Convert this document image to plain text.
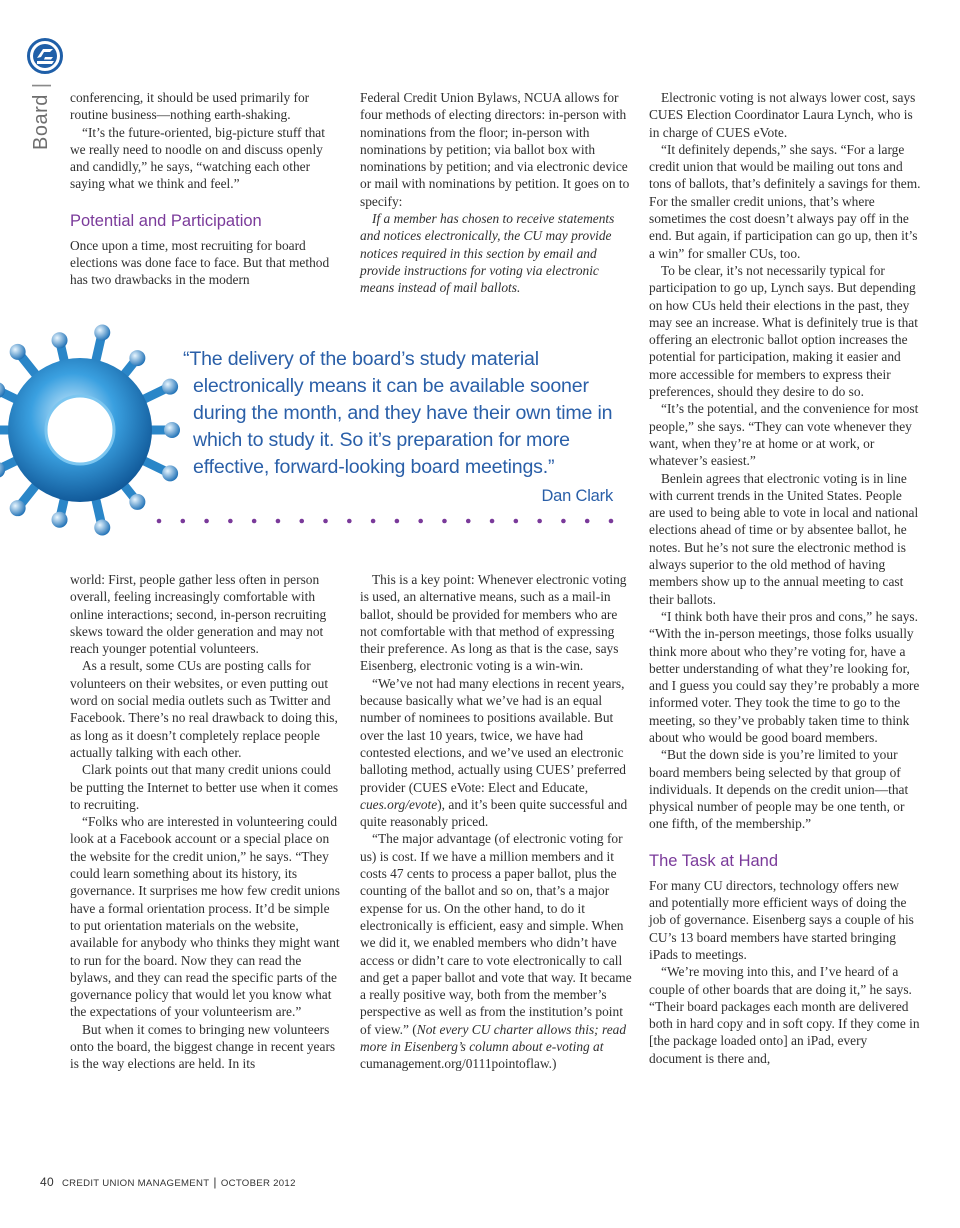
Board|

conferencing, it should be used primarily for routine business—nothing earth-shaking.

“It’s the future-oriented, big-picture stuff that we really need to noodle on and discuss openly and candidly,” he says, “watching each other saying what we think and feel.”

Potential and Participation

Once upon a time, most recruiting for board elections was done face to face. But that method has two drawbacks in the modern

Federal Credit Union Bylaws, NCUA allows for four methods of electing directors: in-person with nominations from the floor; in-person with nominations by petition; via ballot box with nominations by petition; and via electronic device or mail with nominations by petition. It goes on to specify:

If a member has chosen to receive statements and notices electronically, the CU may provide notices required in this section by email and provide instructions for voting via electronic means instead of mail ballots.

Electronic voting is not always lower cost, says CUES Election Coordinator Laura Lynch, who is in charge of CUES eVote.

“It definitely depends,” she says. “For a large credit union that would be mailing out tons and tons of ballots, that’s definitely a savings for them. For the smaller credit unions, that’s where sometimes the cost doesn’t always pay off in the end. But again, if participation can go up, then it’s a win” for smaller CUs, too.

To be clear, it’s not necessarily typical for participation to go up, Lynch says. But depending on how CUs held their elections in the past, they may see an increase. What is definitely true is that offering an electronic ballot option increases the potential for participation, making it easier and more accessible for members to express their preferences, should they desire to do so.

“It’s the potential, and the convenience for most people,” she says. “They can vote whenever they want, when they’re at home or at work, or whatever’s easiest.”

Benlein agrees that electronic voting is in line with current trends in the United States. People are used to being able to vote in local and national elections ahead of time or by absentee ballot, he notes. But he’s not sure the electronic method is always superior to the old method of having members show up to the annual meeting to cast their ballots.

“I think both have their pros and cons,” he says. “With the in-person meetings, those folks usually think more about who they’re voting for, have a better understanding of what they’re looking for, and I guess you could say they’re probably a more informed voter. They took the time to go to the meeting, so they’ve probably taken time to think about who would be good board members.

“But the down side is you’re limited to your board members being selected by that group of individuals. It depends on the credit union—that physical number of people may be one tenth, or one fifth, of the membership.”

The Task at Hand

For many CU directors, technology offers new and potentially more efficient ways of doing the job of governance. Eisenberg says a couple of his CU’s 13 board members have started bringing iPads to meetings.

“We’re moving into this, and I’ve heard of a couple of other boards that are doing it,” he says. “Their board packages each month are delivered both in hard copy and in soft copy. If they come in [the package loaded onto] an iPad, every document is there and,

“The delivery of the board’s study material electronically means it can be available sooner during the month, and they have their own time in which to study it. So it’s preparation for more effective, forward-looking board meetings.”
Dan Clark

world: First, people gather less often in person overall, feeling increasingly comfortable with online interactions; second, in-person recruiting skews toward the older generation and may not reach younger potential volunteers.

As a result, some CUs are posting calls for volunteers on their websites, or even putting out word on social media outlets such as Twitter and Facebook. There’s no real drawback to doing this, as long as it doesn’t completely replace people actually talking with each other.

Clark points out that many credit unions could be putting the Internet to better use when it comes to recruiting.

“Folks who are interested in volunteering could look at a Facebook account or a special place on the website for the credit union,” he says. “They could learn something about its history, its governance. It surprises me how few credit unions have a formal orientation process. It’d be simple to put orientation materials on the website, available for anybody who thinks they might want to run for the board. Now they can read the bylaws, and they can read the specific parts of the governance policy that would let you know what the expectations of your volunteerism are.”

But when it comes to bringing new volunteers onto the board, the biggest change in recent years is the way elections are held. In its

This is a key point: Whenever electronic voting is used, an alternative means, such as a mail-in ballot, should be provided for members who are not comfortable with that method of expressing their preference. As long as that is the case, says Eisenberg, electronic voting is a win-win.

“We’ve not had many elections in recent years, because basically what we’ve had is an equal number of nominees to positions available. But over the last 10 years, twice, we have had contested elections, and we’ve used an electronic balloting method, actually using CUES’ preferred provider (CUES eVote: Elect and Educate, cues.org/evote), and it’s been quite successful and quite reasonably priced.

“The major advantage (of electronic voting for us) is cost. If we have a million members and it costs 47 cents to process a paper ballot, plus the counting of the ballot and so on, that’s a major expense for us. On the other hand, to do it electronically is efficient, easy and simple. When we did it, we enabled members who didn’t have access or didn’t care to vote electronically to call and get a paper ballot and vote that way. It became a really positive way, both from the member’s perspective as well as from the institution’s point of view.” (Not every CU charter allows this; read more in Eisenberg’s column about e-voting at cumanagement.org/0111pointoflaw.)

40 CREDIT UNION MANAGEMENT | OCTOBER 2012
